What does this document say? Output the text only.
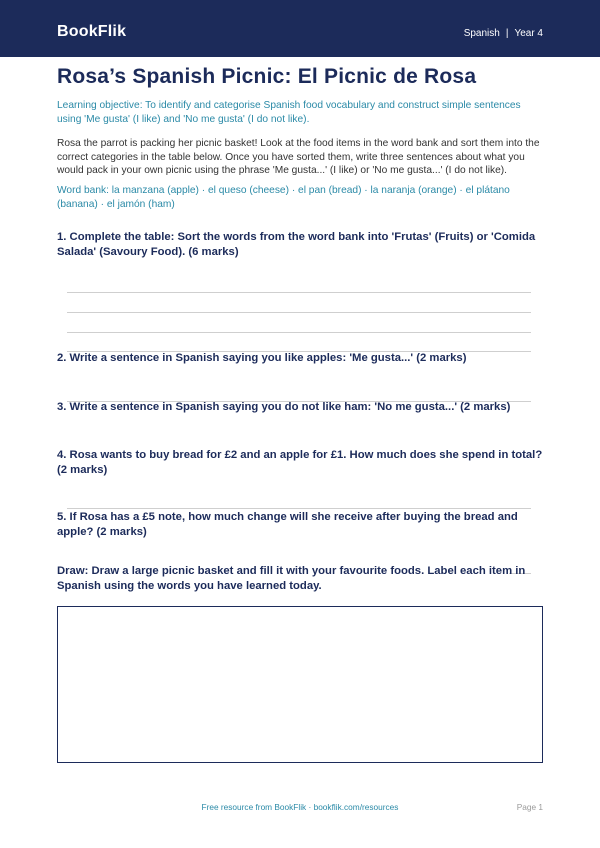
BookFlik	Spanish | Year 4
Rosa’s Spanish Picnic: El Picnic de Rosa

Learning objective: To identify and categorise Spanish food vocabulary and construct simple sentences using 'Me gusta' (I like) and 'No me gusta' (I do not like).

Rosa the parrot is packing her picnic basket! Look at the food items in the word bank and sort them into the correct categories in the table below. Once you have sorted them, write three sentences about what you would pack in your own picnic using the phrase 'Me gusta...' (I like) or 'No me gusta...' (I do not like).

Word bank: la manzana (apple) · el queso (cheese) · el pan (bread) · la naranja (orange) · el plátano (banana) · el jamón (ham)

1. Complete the table: Sort the words from the word bank into 'Frutas' (Fruits) or 'Comida Salada' (Savoury Food). (6 marks)
2. Write a sentence in Spanish saying you like apples: 'Me gusta...' (2 marks)
3. Write a sentence in Spanish saying you do not like ham: 'No me gusta...' (2 marks)
4. Rosa wants to buy bread for £2 and an apple for £1. How much does she spend in total? (2 marks)
5. If Rosa has a £5 note, how much change will she receive after buying the bread and apple? (2 marks)
Draw: Draw a large picnic basket and fill it with your favourite foods. Label each item in Spanish using the words you have learned today.
Free resource from BookFlik · bookflik.com/resources	Page 1
